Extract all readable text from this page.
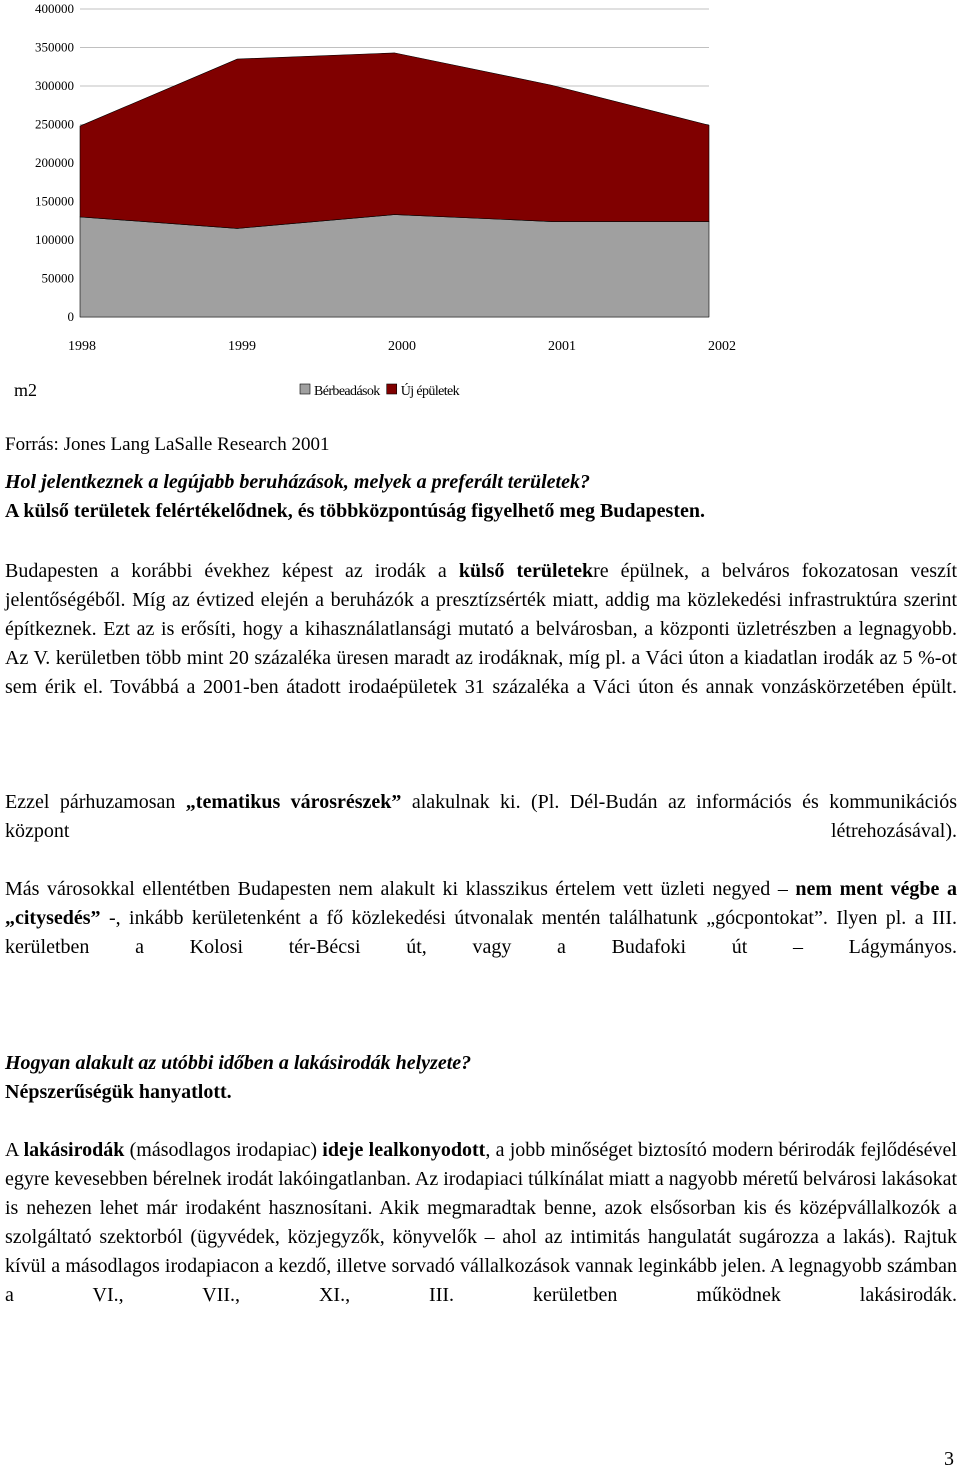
0
50000
100000
150000
200000
250000
300000
350000
400000
1998	1999	2000	2001	2002
m2	Bérbeadások Új épületek

Forrás: Jones Lang LaSalle Research 2001

Hol jelentkeznek a legújabb beruházások, melyek a preferált területek?
A külső területek felértékelődnek, és többközpontúság figyelhető meg Budapesten.

Budapesten a korábbi évekhez képest az irodák a külső területekre épülnek, a belváros fokozatosan veszít jelentőségéből. Míg az évtized elején a beruházók a presztízsérték miatt, addig ma közlekedési infrastruktúra szerint építkeznek. Ezt az is erősíti, hogy a kihasználatlansági mutató a belvárosban, a központi üzletrészben a legnagyobb. Az V. kerületben több mint 20 százaléka üresen maradt az irodáknak, míg pl. a Váci úton a kiadatlan irodák az 5 %-ot sem érik el. Továbbá a 2001-ben átadott irodaépületek 31 százaléka a Váci úton és annak vonzáskörzetében épült.

Ezzel párhuzamosan „tematikus városrészek” alakulnak ki. (Pl. Dél-Budán az információs és kommunikációs központ létrehozásával).

Más városokkal ellentétben Budapesten nem alakult ki klasszikus értelem vett üzleti negyed – nem ment végbe a „citysedés” -, inkább kerületenként a fő közlekedési útvonalak mentén találhatunk „gócpontokat”. Ilyen pl. a III. kerületben a Kolosi tér-Bécsi út, vagy a Budafoki út – Lágymányos.

Hogyan alakult az utóbbi időben a lakásirodák helyzete?
Népszerűségük hanyatlott.

A lakásirodák (másodlagos irodapiac) ideje lealkonyodott, a jobb minőséget biztosító modern bérirodák fejlődésével egyre kevesebben bérelnek irodát lakóingatlanban. Az irodapiaci túlkínálat miatt a nagyobb méretű belvárosi lakásokat is nehezen lehet már irodaként hasznosítani. Akik megmaradtak benne, azok elsősorban kis és középvállalkozók a szolgáltató szektorból (ügyvédek, közjegyzők, könyvelők – ahol az intimitás hangulatát sugározza a lakás). Rajtuk kívül a másodlagos irodapiacon a kezdő, illetve sorvadó vállalkozások vannak leginkább jelen. A legnagyobb számban a VI., VII., XI., III. kerületben működnek lakásirodák.

3
